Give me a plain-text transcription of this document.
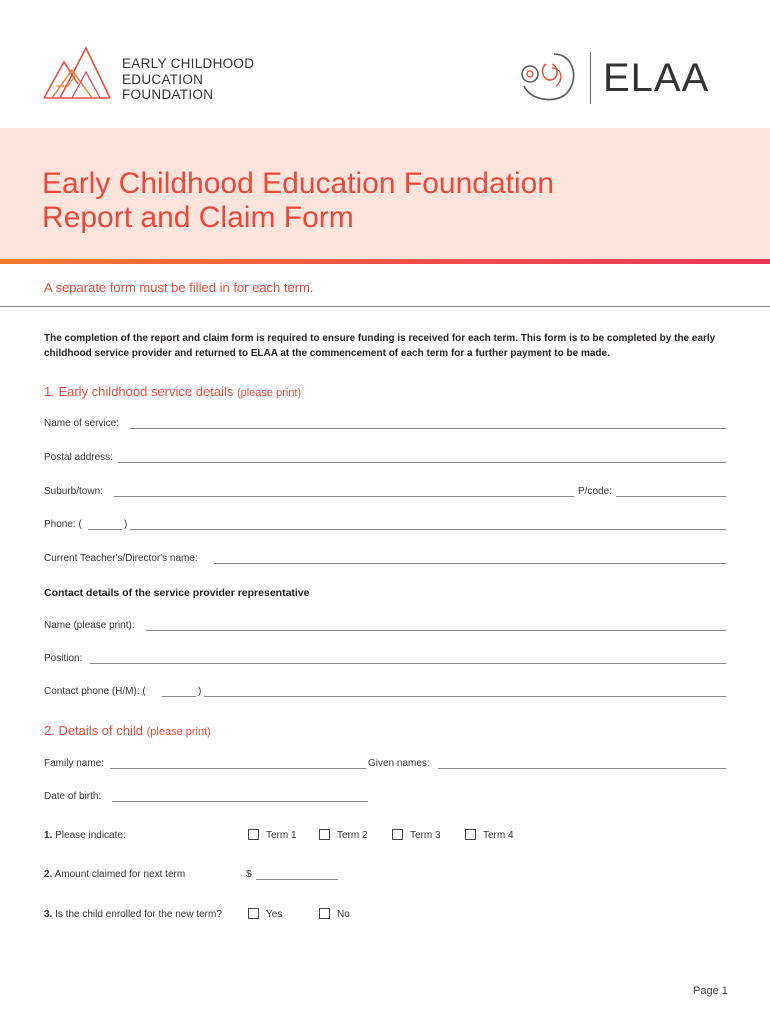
EARLY CHILDHOOD
EDUCATION
FOUNDATION	ELAA
Early Childhood Education Foundation
Report and Claim Form
A separate form must be filled in for each term.
The completion of the report and claim form is required to ensure funding is received for each term. This form is to be completed by the early childhood service provider and returned to ELAA at the commencement of each term for a further payment to be made.
1. Early childhood service details (please print)
Name of service:
Postal address:
Suburb/town:	P/code:
Phone: (	)
Current Teacher's/Director's name:
Contact details of the service provider representative
Name (please print):
Position:
Contact phone (H/M): (	)
2. Details of child (please print)
Family name:	Given names:
Date of birth:
1. Please indicate:	Term 1	Term 2	Term 3	Term 4
2. Amount claimed for next term	$
3. Is the child enrolled for the new term?	Yes	No
Page 1
